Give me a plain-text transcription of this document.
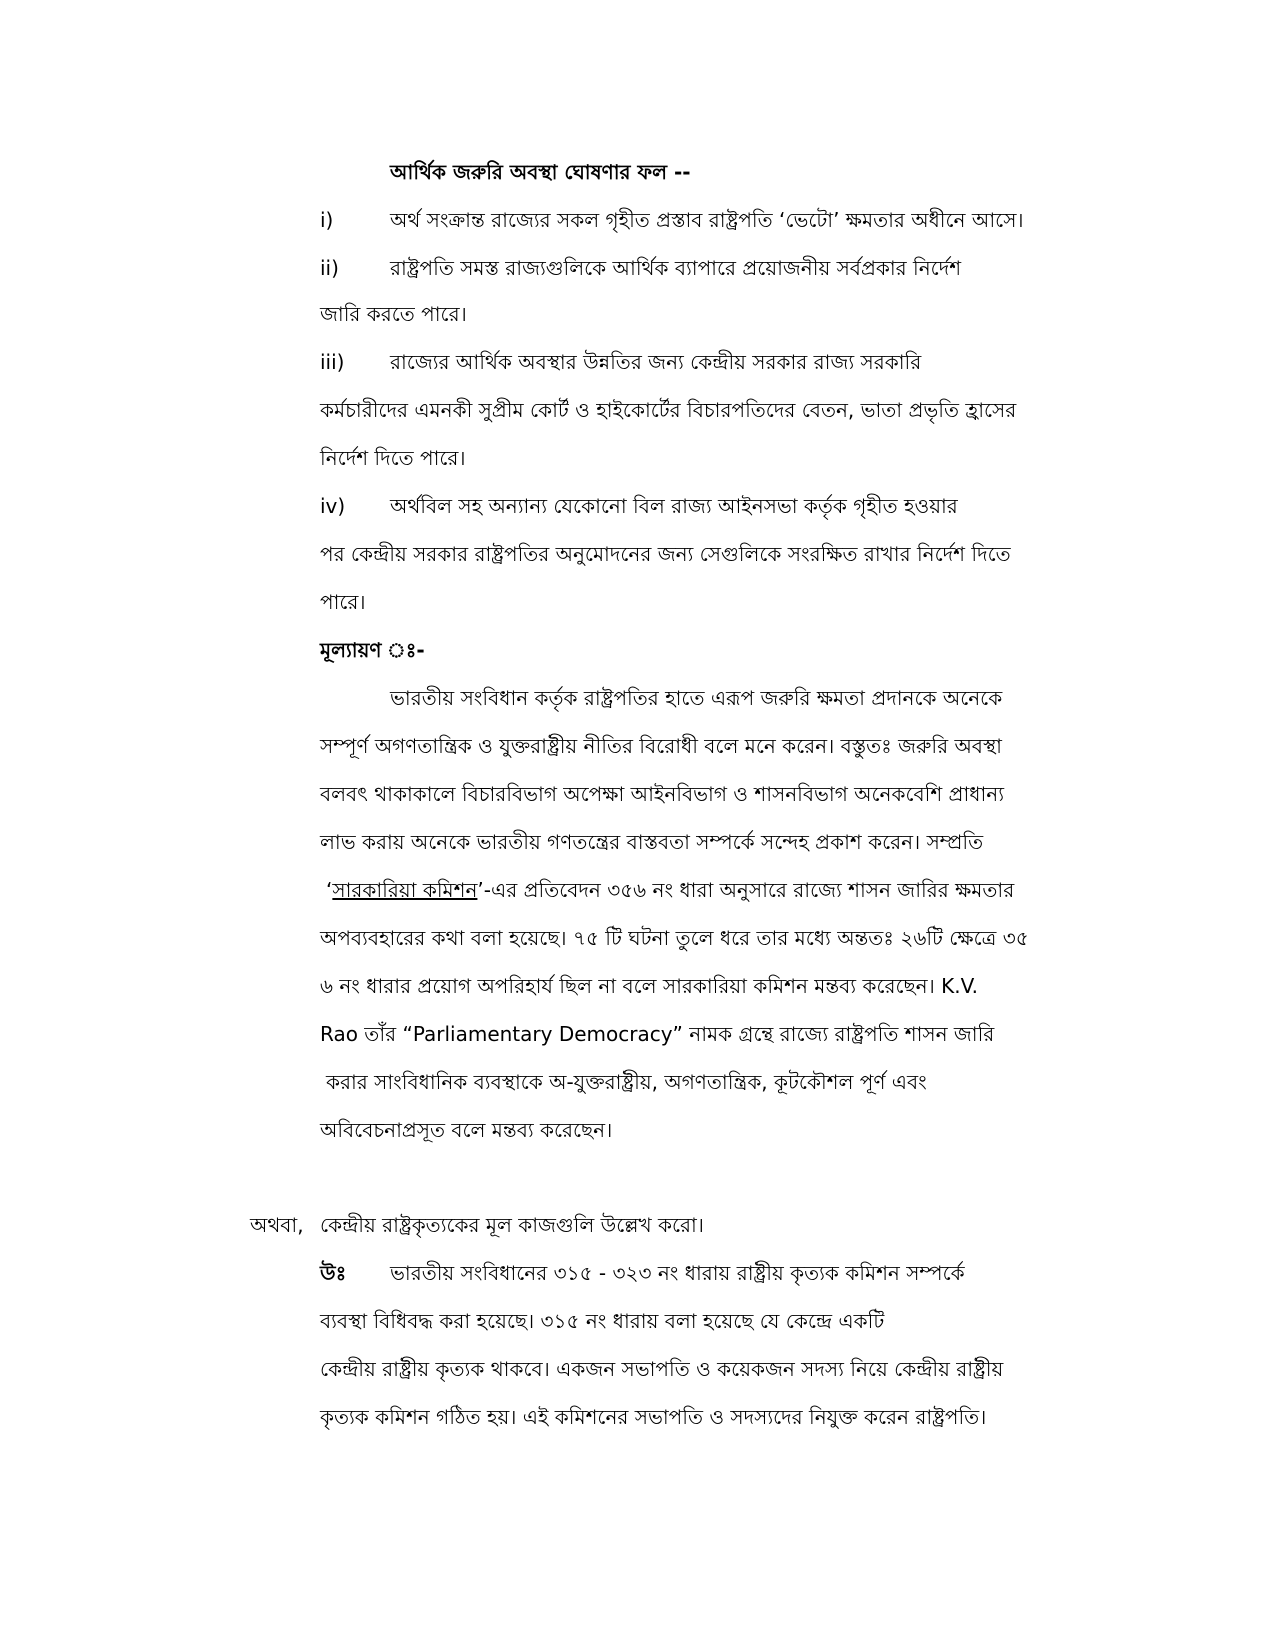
আর্থিক জরুরি অবস্থা ঘোষণার ফল --
i)	অর্থ সংক্রান্ত রাজ্যের সকল গৃহীত প্রস্তাব রাষ্ট্রপতি ‘ভেটো’ ক্ষমতার অধীনে আসে।
ii)	রাষ্ট্রপতি সমস্ত রাজ্যগুলিকে আর্থিক ব্যাপারে প্রয়োজনীয় সর্বপ্রকার নির্দেশ
জারি করতে পারে।
iii) রাজ্যের আর্থিক অবস্থার উন্নতির জন্য কেন্দ্রীয় সরকার রাজ্য সরকারি
কর্মচারীদের এমনকী সুপ্রীম কোর্ট ও হাইকোর্টের বিচারপতিদের বেতন, ভাতা প্রভৃতি হ্রাসের
নির্দেশ দিতে পারে।
iv) অর্থবিল সহ অন্যান্য যেকোনো বিল রাজ্য আইনসভা কর্তৃক গৃহীত হওয়ার
পর কেন্দ্রীয় সরকার রাষ্ট্রপতির অনুমোদনের জন্য সেগুলিকে সংরক্ষিত রাখার নির্দেশ দিতে
পারে।
মূল্যায়ণ ঃ-
ভারতীয় সংবিধান কর্তৃক রাষ্ট্রপতির হাতে এরূপ জরুরি ক্ষমতা প্রদানকে অনেকে
সম্পূর্ণ অগণতান্ত্রিক ও যুক্তরাষ্ট্রীয় নীতির বিরোধী বলে মনে করেন। বস্তুতঃ জরুরি অবস্থা
বলবৎ থাকাকালে বিচারবিভাগ অপেক্ষা আইনবিভাগ ও শাসনবিভাগ অনেকবেশি প্রাধান্য
লাভ করায় অনেকে ভারতীয় গণতন্ত্রের বাস্তবতা সম্পর্কে সন্দেহ প্রকাশ করেন। সম্প্রতি
‘সারকারিয়া কমিশন’-এর প্রতিবেদন ৩৫৬ নং ধারা অনুসারে রাজ্যে শাসন জারির ক্ষমতার
অপব্যবহারের কথা বলা হয়েছে। ৭৫ টি ঘটনা তুলে ধরে তার মধ্যে অন্ততঃ ২৬টি ক্ষেত্রে ৩৫
৬ নং ধারার প্রয়োগ অপরিহার্য ছিল না বলে সারকারিয়া কমিশন মন্তব্য করেছেন। K.V.
Rao তাঁর “Parliamentary Democracy” নামক গ্রন্থে রাজ্যে রাষ্ট্রপতি শাসন জারি
করার সাংবিধানিক ব্যবস্থাকে অ-যুক্তরাষ্ট্রীয়, অগণতান্ত্রিক, কূটকৌশল পূর্ণ এবং
অবিবেচনাপ্রসূত বলে মন্তব্য করেছেন।
অথবা, কেন্দ্রীয় রাষ্ট্রকৃত্যকের মূল কাজগুলি উল্লেখ করো।
উঃ ভারতীয় সংবিধানের ৩১৫ - ৩২৩ নং ধারায় রাষ্ট্রীয় কৃত্যক কমিশন সম্পর্কে
ব্যবস্থা বিধিবদ্ধ করা হয়েছে। ৩১৫ নং ধারায় বলা হয়েছে যে কেন্দ্রে একটি
কেন্দ্রীয় রাষ্ট্রীয় কৃত্যক থাকবে। একজন সভাপতি ও কয়েকজন সদস্য নিয়ে কেন্দ্রীয় রাষ্ট্রীয়
কৃত্যক কমিশন গঠিত হয়। এই কমিশনের সভাপতি ও সদস্যদের নিযুক্ত করেন রাষ্ট্রপতি।
